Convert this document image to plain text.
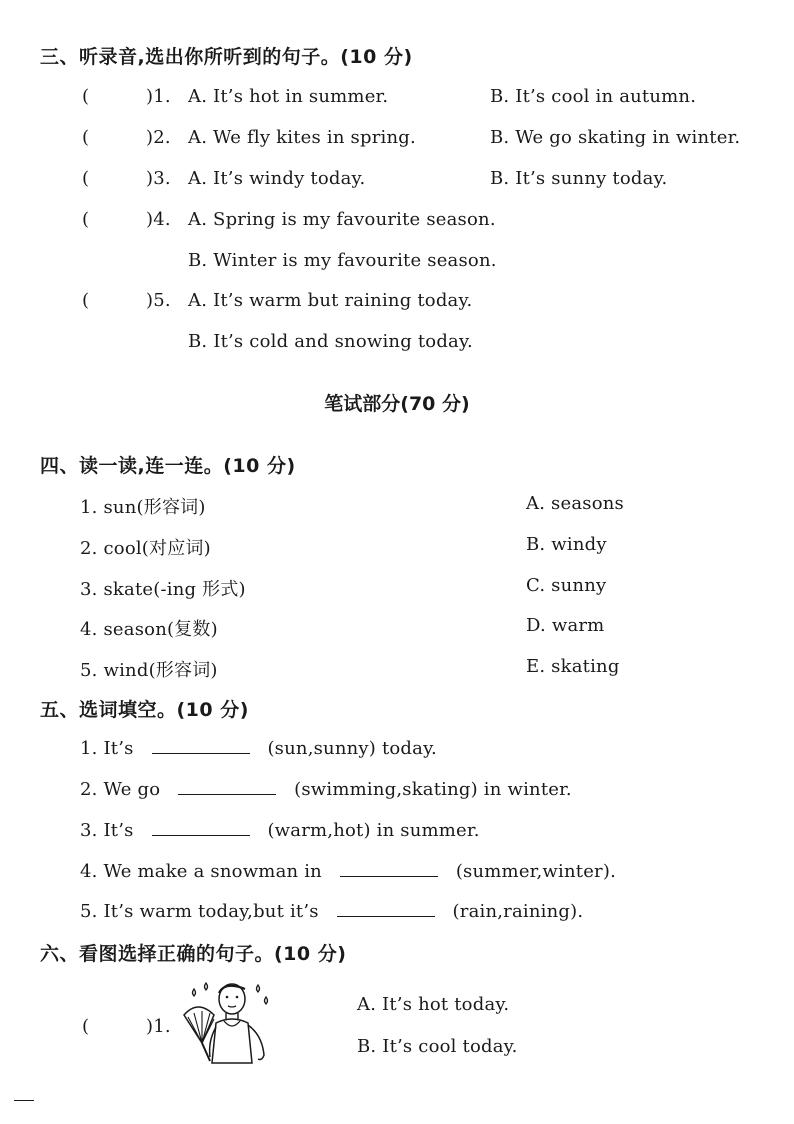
三、听录音,选出你所听到的句子。(10 分)
(	)1. A. It’s hot in summer.	B. It’s cool in autumn.
(	)2. A. We fly kites in spring.	B. We go skating in winter.
(	)3. A. It’s windy today.	B. It’s sunny today.
(	)4. A. Spring is my favourite season.
B. Winter is my favourite season.
(	)5. A. It’s warm but raining today.
B. It’s cold and snowing today.
笔试部分(70 分)
四、读一读,连一连。(10 分)
1. sun(形容词)
2. cool(对应词)
3. skate(-ing 形式)
4. season(复数)
5. wind(形容词)
A. seasons
B. windy
C. sunny
D. warm
E. skating
五、选词填空。(10 分)
1. It’s	(sun,sunny) today.
2. We go	(swimming,skating) in winter.
3. It’s	(warm,hot) in summer.
4. We make a snowman in	(summer,winter).
5. It’s warm today,but it’s	(rain,raining).
六、看图选择正确的句子。(10 分)
(	)1.
A. It’s hot today.
B. It’s cool today.
